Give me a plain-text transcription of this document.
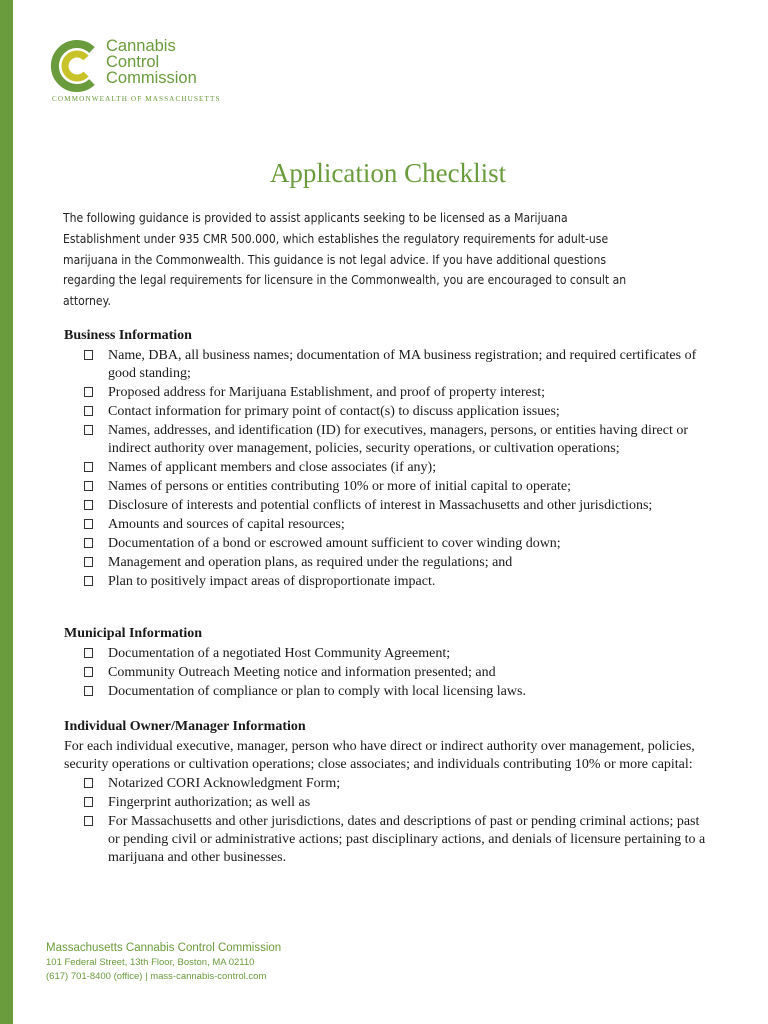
Cannabis
Control
Commission
COMMONWEALTH OF MASSACHUSETTS
Application Checklist

The following guidance is provided to assist applicants seeking to be licensed as a Marijuana Establishment under 935 CMR 500.000, which establishes the regulatory requirements for adult-use marijuana in the Commonwealth. This guidance is not legal advice. If you have additional questions regarding the legal requirements for licensure in the Commonwealth, you are encouraged to consult an attorney.

Business Information
Name, DBA, all business names; documentation of MA business registration; and required certificates of good standing;
Proposed address for Marijuana Establishment, and proof of property interest;
Contact information for primary point of contact(s) to discuss application issues;
Names, addresses, and identification (ID) for executives, managers, persons, or entities having direct or indirect authority over management, policies, security operations, or cultivation operations;
Names of applicant members and close associates (if any);
Names of persons or entities contributing 10% or more of initial capital to operate;
Disclosure of interests and potential conflicts of interest in Massachusetts and other jurisdictions;
Amounts and sources of capital resources;
Documentation of a bond or escrowed amount sufficient to cover winding down;
Management and operation plans, as required under the regulations; and
Plan to positively impact areas of disproportionate impact.
Municipal Information
Documentation of a negotiated Host Community Agreement;
Community Outreach Meeting notice and information presented; and
Documentation of compliance or plan to comply with local licensing laws.
Individual Owner/Manager Information

For each individual executive, manager, person who have direct or indirect authority over management, policies, security operations or cultivation operations; close associates; and individuals contributing 10% or more capital:

Notarized CORI Acknowledgment Form;
Fingerprint authorization; as well as
For Massachusetts and other jurisdictions, dates and descriptions of past or pending criminal actions; past or pending civil or administrative actions; past disciplinary actions, and denials of licensure pertaining to a marijuana and other businesses.
Massachusetts Cannabis Control Commission
101 Federal Street, 13th Floor, Boston, MA 02110
(617) 701-8400 (office) | mass-cannabis-control.com
